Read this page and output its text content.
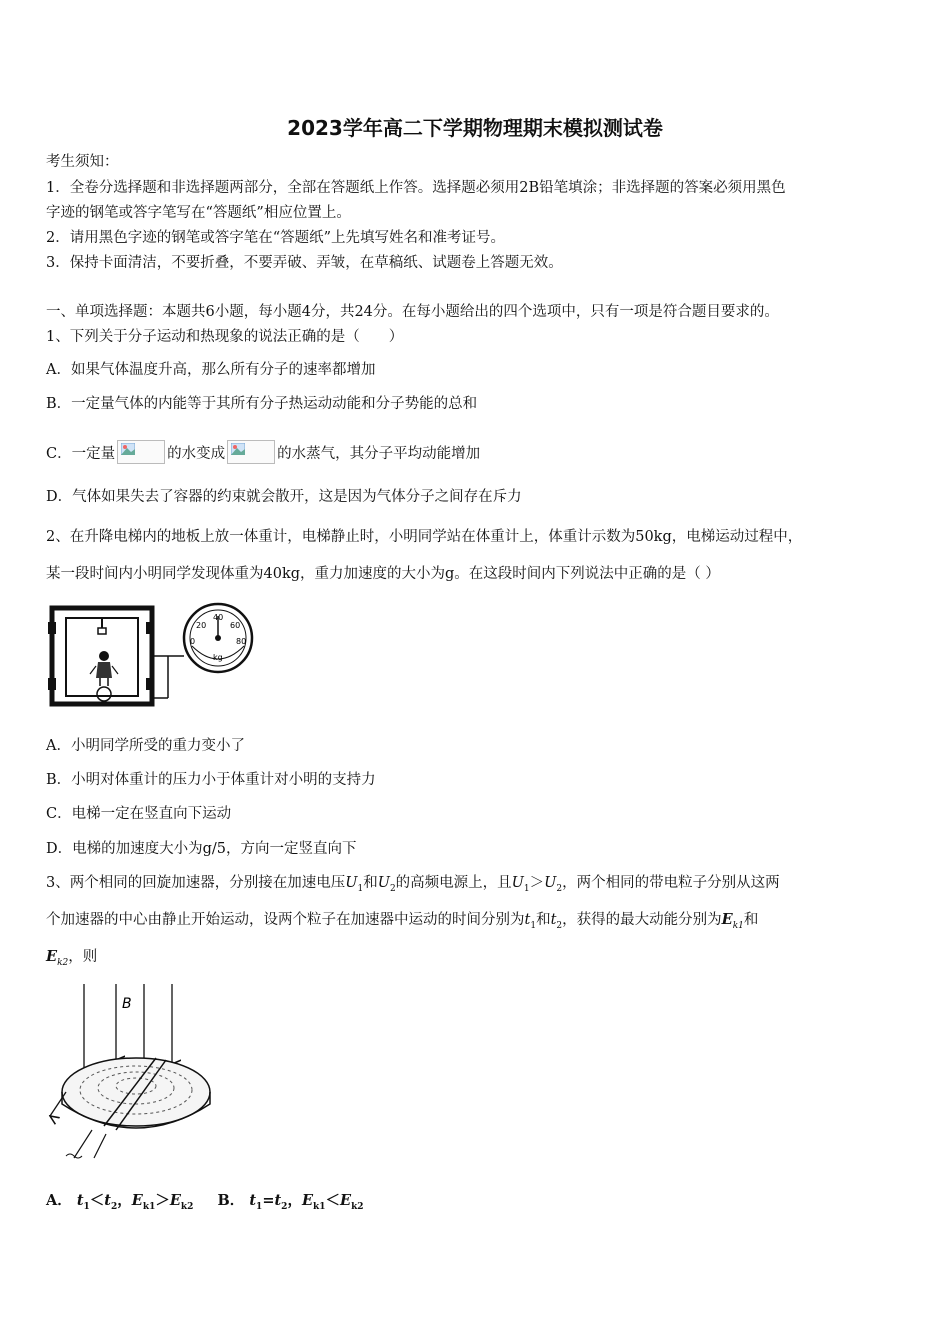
2023学年高二下学期物理期末模拟测试卷
考生须知：
1．全卷分选择题和非选择题两部分，全部在答题纸上作答。选择题必须用2B铅笔填涂；非选择题的答案必须用黑色
字迹的钢笔或答字笔写在“答题纸”相应位置上。
2．请用黑色字迹的钢笔或答字笔在“答题纸”上先填写姓名和准考证号。
3．保持卡面清洁，不要折叠，不要弄破、弄皱，在草稿纸、试题卷上答题无效。
一、单项选择题：本题共6小题，每小题4分，共24分。在每小题给出的四个选项中，只有一项是符合题目要求的。
1、下列关于分子运动和热现象的说法正确的是（　　）
A．如果气体温度升高，那么所有分子的速率都增加
B．一定量气体的内能等于其所有分子热运动动能和分子势能的总和
C．一定量	的水变成	的水蒸气，其分子平均动能增加
D．气体如果失去了容器的约束就会散开，这是因为气体分子之间存在斥力
2、在升降电梯内的地板上放一体重计，电梯静止时，小明同学站在体重计上，体重计示数为50kg，电梯运动过程中，
某一段时间内小明同学发现体重为40kg，重力加速度的大小为g。在这段时间内下列说法中正确的是（ ）
0
20
40
60
80
kg
A．小明同学所受的重力变小了
B．小明对体重计的压力小于体重计对小明的支持力
C．电梯一定在竖直向下运动
D．电梯的加速度大小为g/5，方向一定竖直向下
3、两个相同的回旋加速器，分别接在加速电压$U_1$和$U_2$的高频电源上，且$U_1>U_2$，两个相同的带电粒子分别从这两
个加速器的中心由静止开始运动，设两个粒子在加速器中运动的时间分别为$t_1$和$t_2$，获得的最大动能分别为$E_{k1}$和
$E_{k2}$，则
B
A． $t_1<t_2$，$E_{k1}>E_{k2}$ B． $t_1=t_2$，$E_{k1}<E_{k2}$
